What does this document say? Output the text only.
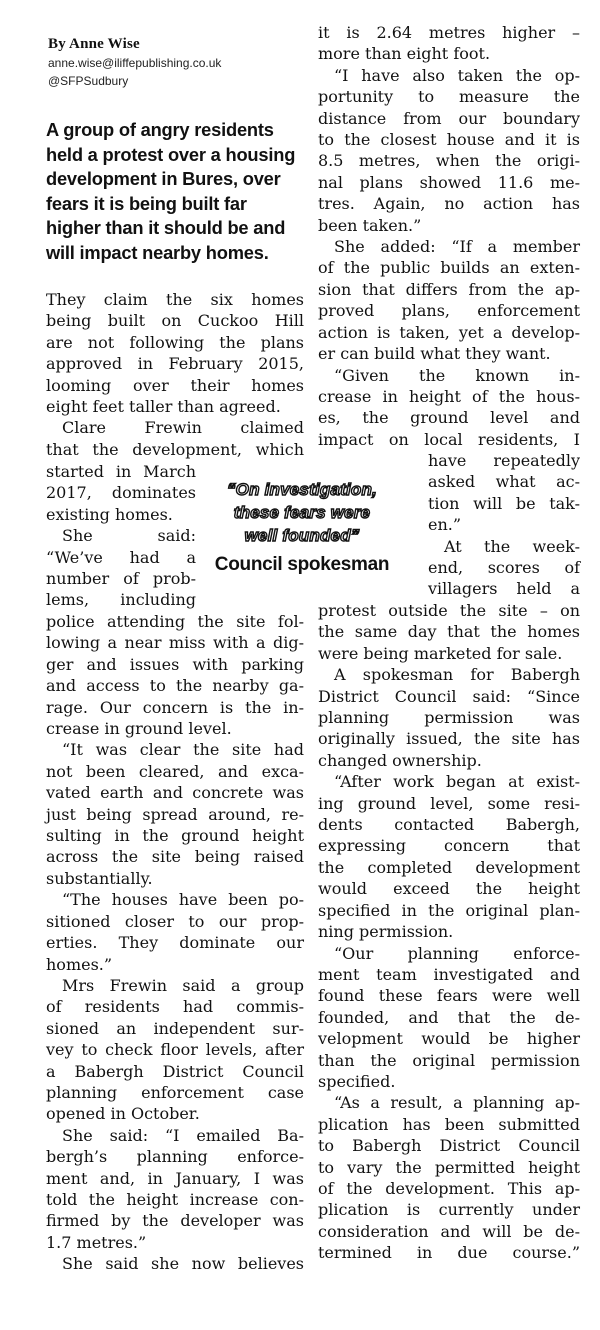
By Anne Wise
anne.wise@iliffepublishing.co.uk
@SFPSudbury
A group of angry residents
held a protest over a housing
development in Bures, over
fears it is being built far
higher than it should be and
will impact nearby homes.
They claim the six homes
being built on Cuckoo Hill
are not following the plans
approved in February 2015,
looming over their homes
eight feet taller than agreed.
Clare Frewin claimed
that the development, which
started in March
2017, dominates
existing homes.
She said:
“We’ve had a
number of prob-
lems, including
police attending the site fol-
lowing a near miss with a dig-
ger and issues with parking
and access to the nearby ga-
rage. Our concern is the in-
crease in ground level.
“It was clear the site had
not been cleared, and exca-
vated earth and concrete was
just being spread around, re-
sulting in the ground height
across the site being raised
substantially.
“The houses have been po-
sitioned closer to our prop-
erties. They dominate our
homes.”
Mrs Frewin said a group
of residents had commis-
sioned an independent sur-
vey to check floor levels, after
a Babergh District Council
planning enforcement case
opened in October.
She said: “I emailed Ba-
bergh’s planning enforce-
ment and, in January, I was
told the height increase con-
firmed by the developer was
1.7 metres.”
She said she now believes
it is 2.64 metres higher –
more than eight foot.
“I have also taken the op-
portunity to measure the
distance from our boundary
to the closest house and it is
8.5 metres, when the origi-
nal plans showed 11.6 me-
tres. Again, no action has
been taken.”
She added: “If a member
of the public builds an exten-
sion that differs from the ap-
proved plans, enforcement
action is taken, yet a develop-
er can build what they want.
“Given the known in-
crease in height of the hous-
es, the ground level and
impact on local residents, I
have repeatedly
asked what ac-
tion will be tak-
en.”
At the week-
end, scores of
villagers held a
protest outside the site – on
the same day that the homes
were being marketed for sale.
A spokesman for Babergh
District Council said: “Since
planning permission was
originally issued, the site has
changed ownership.
“After work began at exist-
ing ground level, some resi-
dents contacted Babergh,
expressing concern that
the completed development
would exceed the height
specified in the original plan-
ning permission.
“Our planning enforce-
ment team investigated and
found these fears were well
founded, and that the de-
velopment would be higher
than the original permission
specified.
“As a result, a planning ap-
plication has been submitted
to Babergh District Council
to vary the permitted height
of the development. This ap-
plication is currently under
consideration and will be de-
termined in due course.”
“On investigation,
these fears were
well founded”
Council spokesman
